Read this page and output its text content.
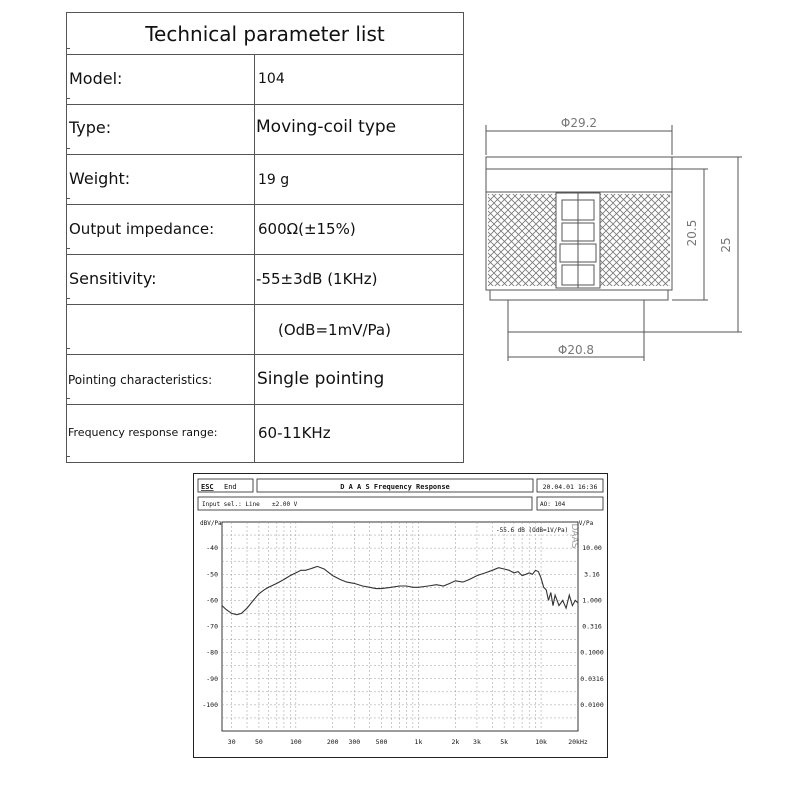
Technical parameter list
Model:	104
Type:	Moving-coil type
Weight:	19 g
Output impedance:	600Ω(±15%)
Sensitivity:	-55±3dB (1KHz)
(OdB=1mV/Pa)
Pointing characteristics:	Single pointing
Frequency response range:	60-11KHz
Φ29.2
Φ20.8
20.5 25
ESC End	D A A S Frequency Response	20.04.01 16:36
Input sel.: Line ±2.00 V	AO: 104
dBV/Pa	V/Pa
-55.6 dB (OdB=1V/Pa) DAAS
30	50	100	200 300 500	1k	2k 3k	5k	10k	20kHz
-40
-50
-60
-70
-80
-90
-100
10.00
3.16
1.000
0.316
0.1000
0.0316
0.0100
